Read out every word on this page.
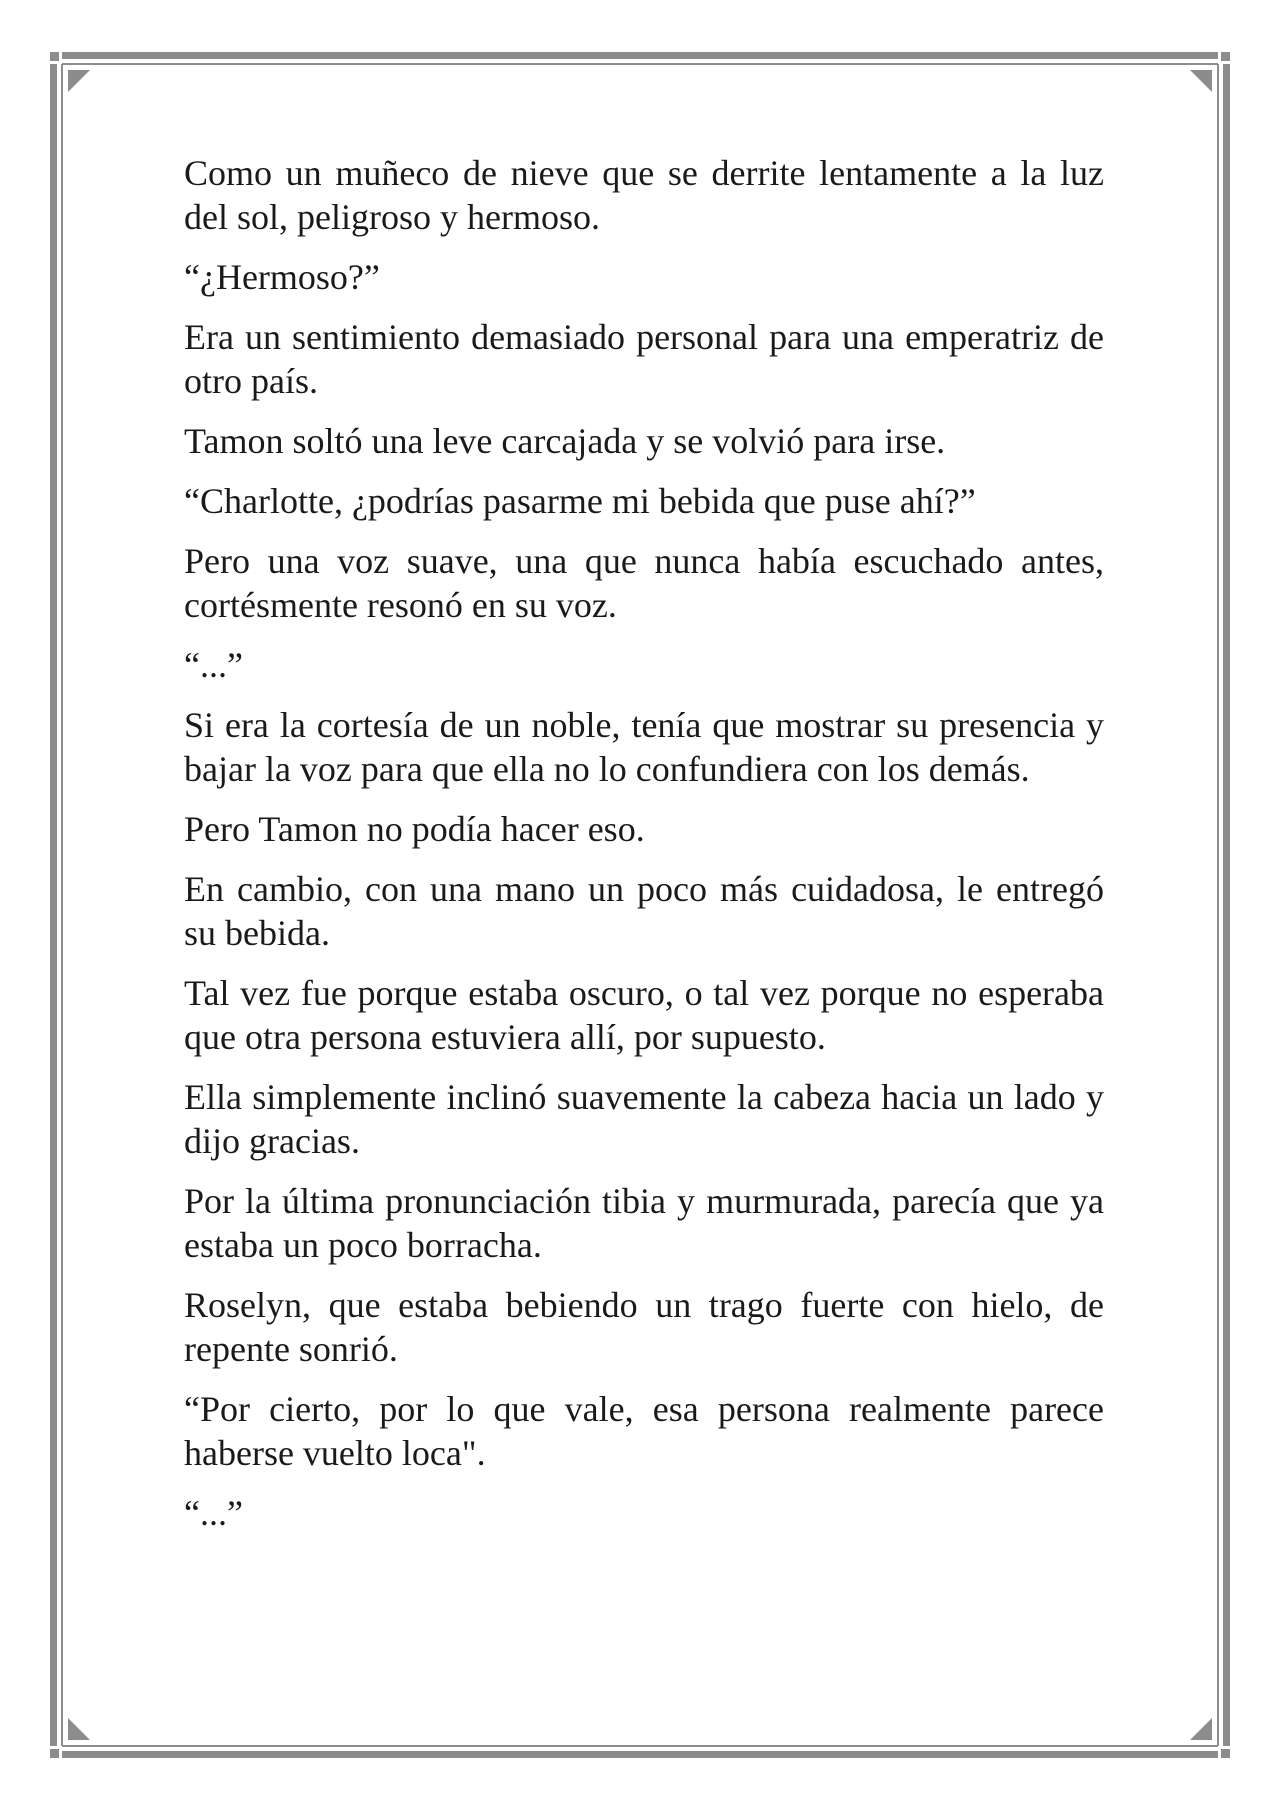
Como un muñeco de nieve que se derrite lentamente a la luz del sol, peligroso y hermoso.

“¿Hermoso?”

Era un sentimiento demasiado personal para una emperatriz de otro país.

Tamon soltó una leve carcajada y se volvió para irse.

“Charlotte, ¿podrías pasarme mi bebida que puse ahí?”

Pero una voz suave, una que nunca había escuchado antes, cortésmente resonó en su voz.

“...”

Si era la cortesía de un noble, tenía que mostrar su presencia y bajar la voz para que ella no lo confundiera con los demás.

Pero Tamon no podía hacer eso.

En cambio, con una mano un poco más cuidadosa, le entregó su bebida.

Tal vez fue porque estaba oscuro, o tal vez porque no esperaba que otra persona estuviera allí, por supuesto.

Ella simplemente inclinó suavemente la cabeza hacia un lado y dijo gracias.

Por la última pronunciación tibia y murmurada, parecía que ya estaba un poco borracha.

Roselyn, que estaba bebiendo un trago fuerte con hielo, de repente sonrió.

“Por cierto, por lo que vale, esa persona realmente parece haberse vuelto loca".

“...”
